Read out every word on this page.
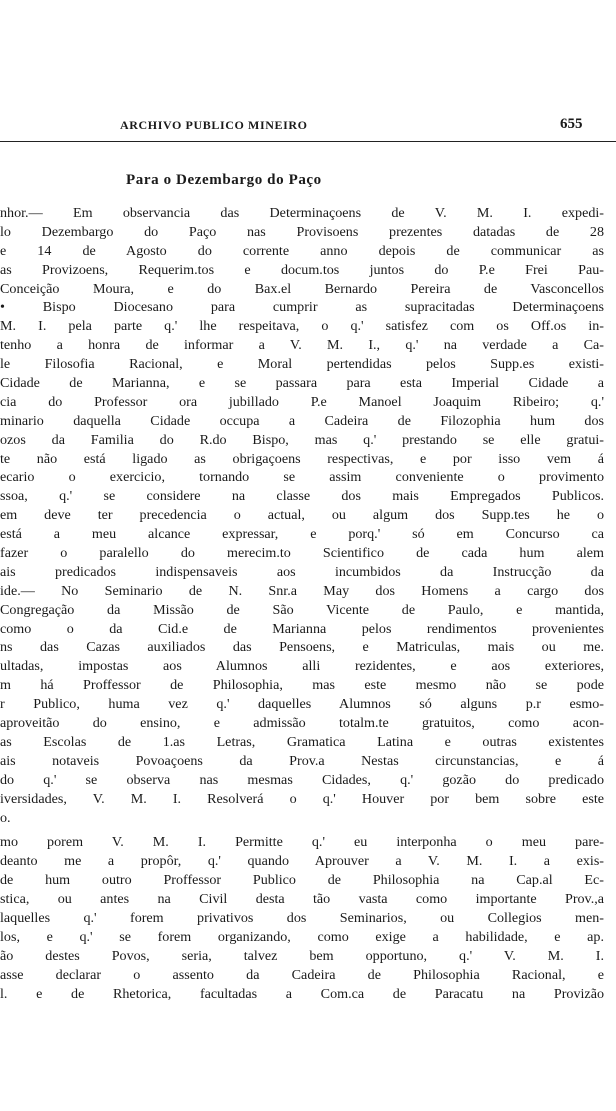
ARCHIVO PUBLICO MINEIRO	655
Para o Dezembargo do Paço
nhor.— Em observancia das Determinaçoens de V. M. I. expedi-
lo Dezembargo do Paço nas Provisoens prezentes datadas de 28
e 14 de Agosto do corrente anno depois de communicar as
as Provizoens, Requerim.tos e docum.tos juntos do P.e Frei Pau-
Conceição Moura, e do Bax.el Bernardo Pereira de Vasconcellos
• Bispo Diocesano para cumprir as supracitadas Determinaçoens
M. I. pela parte q.' lhe respeitava, o q.' satisfez com os Off.os in-
tenho a honra de informar a V. M. I., q.' na verdade a Ca-
le Filosofia Racional, e Moral pertendidas pelos Supp.es existi-
Cidade de Marianna, e se passara para esta Imperial Cidade a
cia do Professor ora jubillado P.e Manoel Joaquim Ribeiro; q.'
minario daquella Cidade occupa a Cadeira de Filozophia hum dos
ozos da Familia do R.do Bispo, mas q.' prestando se elle gratui-
te não está ligado as obrigaçoens respectivas, e por isso vem á
ecario o exercicio, tornando se assim conveniente o provimento
ssoa, q.' se considere na classe dos mais Empregados Publicos.
em deve ter precedencia o actual, ou algum dos Supp.tes he o
está a meu alcance expressar, e porq.' só em Concurso ca
fazer o paralello do merecim.to Scientifico de cada hum alem
ais predicados indispensaveis aos incumbidos da Instrucção da
ide.— No Seminario de N. Snr.a May dos Homens a cargo dos
Congregação da Missão de São Vicente de Paulo, e mantida,
como o da Cid.e de Marianna pelos rendimentos provenientes
ns das Cazas auxiliados das Pensoens, e Matriculas, mais ou me.
ultadas, impostas aos Alumnos alli rezidentes, e aos exteriores,
m há Proffessor de Philosophia, mas este mesmo não se pode
r Publico, huma vez q.' daquelles Alumnos só alguns p.r esmo-
aproveitão do ensino, e admissão totalm.te gratuitos, como acon-
as Escolas de 1.as Letras, Gramatica Latina e outras existentes
ais notaveis Povoaçoens da Prov.a Nestas circunstancias, e á
do q.' se observa nas mesmas Cidades, q.' gozão do predicado
iversidades, V. M. I. Resolverá o q.' Houver por bem sobre este
o.
mo porem V. M. I. Permitte q.' eu interponha o meu pare-
deanto me a propôr, q.' quando Aprouver a V. M. I. a exis-
de hum outro Proffessor Publico de Philosophia na Cap.al Ec-
stica, ou antes na Civil desta tão vasta como importante Prov.,a
laquelles q.' forem privativos dos Seminarios, ou Collegios men-
los, e q.' se forem organizando, como exige a habilidade, e ap.
ão destes Povos, seria, talvez bem opportuno, q.' V. M. I.
asse declarar o assento da Cadeira de Philosophia Racional, e
l. e de Rhetorica, facultadas a Com.ca de Paracatu na Provizão
